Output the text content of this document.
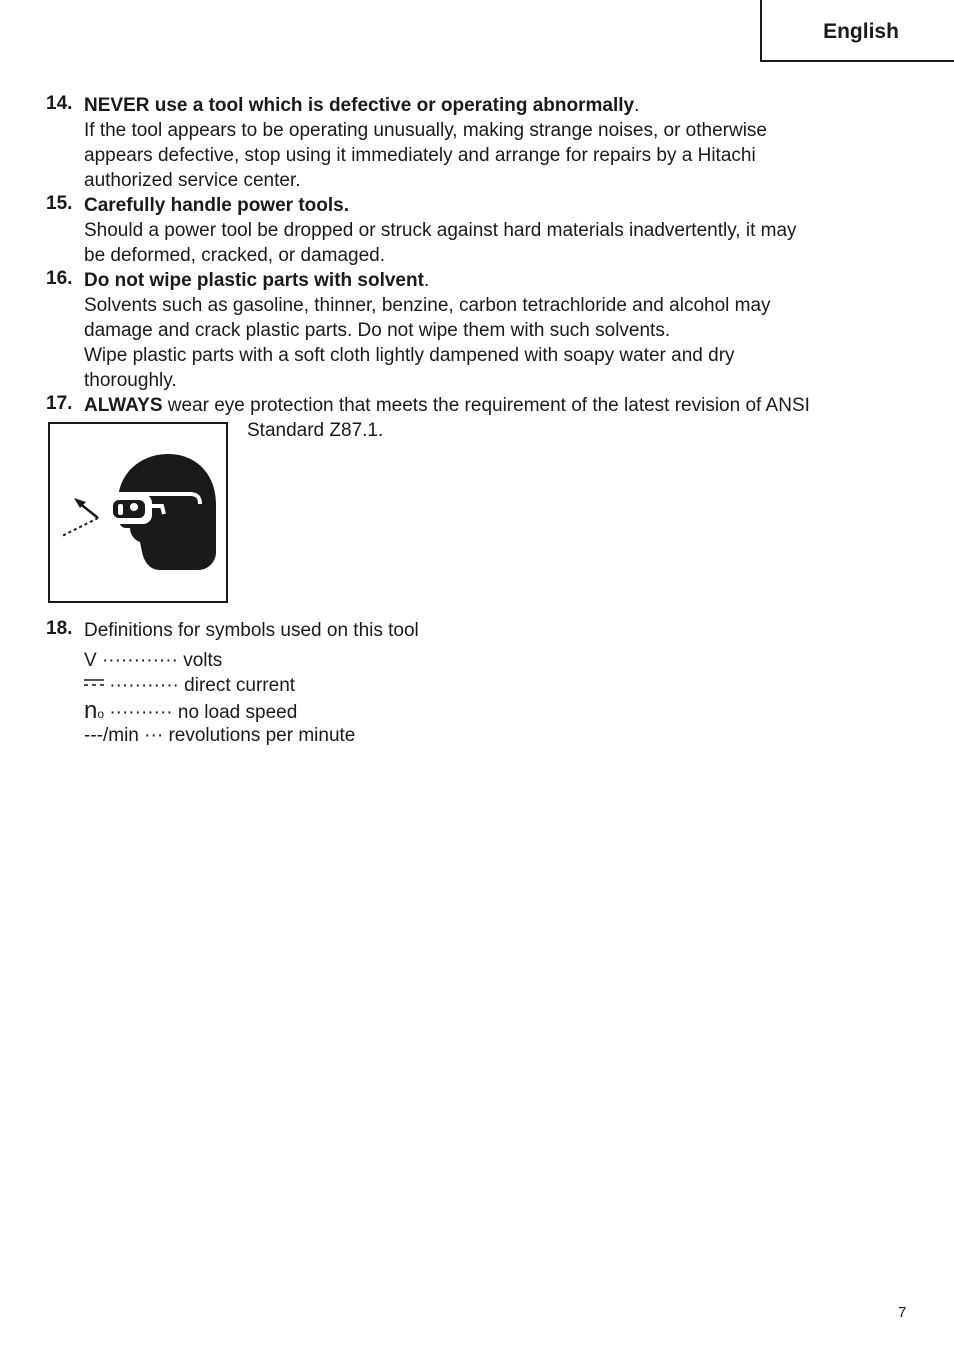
English
14. NEVER use a tool which is defective or operating abnormally.
If the tool appears to be operating unusually, making strange noises, or otherwise
appears defective, stop using it immediately and arrange for repairs by a Hitachi
authorized service center.
15. Carefully handle power tools.
Should a power tool be dropped or struck against hard materials inadvertently, it may
be deformed, cracked, or damaged.
16. Do not wipe plastic parts with solvent.
Solvents such as gasoline, thinner, benzine, carbon tetrachloride and alcohol may
damage and crack plastic parts. Do not wipe them with such solvents.
Wipe plastic parts with a soft cloth lightly dampened with soapy water and dry
thoroughly.
17. ALWAYS wear eye protection that meets the requirement of the latest revision of ANSI
Standard Z87.1.
18. Definitions for symbols used on this tool
V ············ volts
··········· direct current
no ·········· no load speed
---/min ··· revolutions per minute
7
